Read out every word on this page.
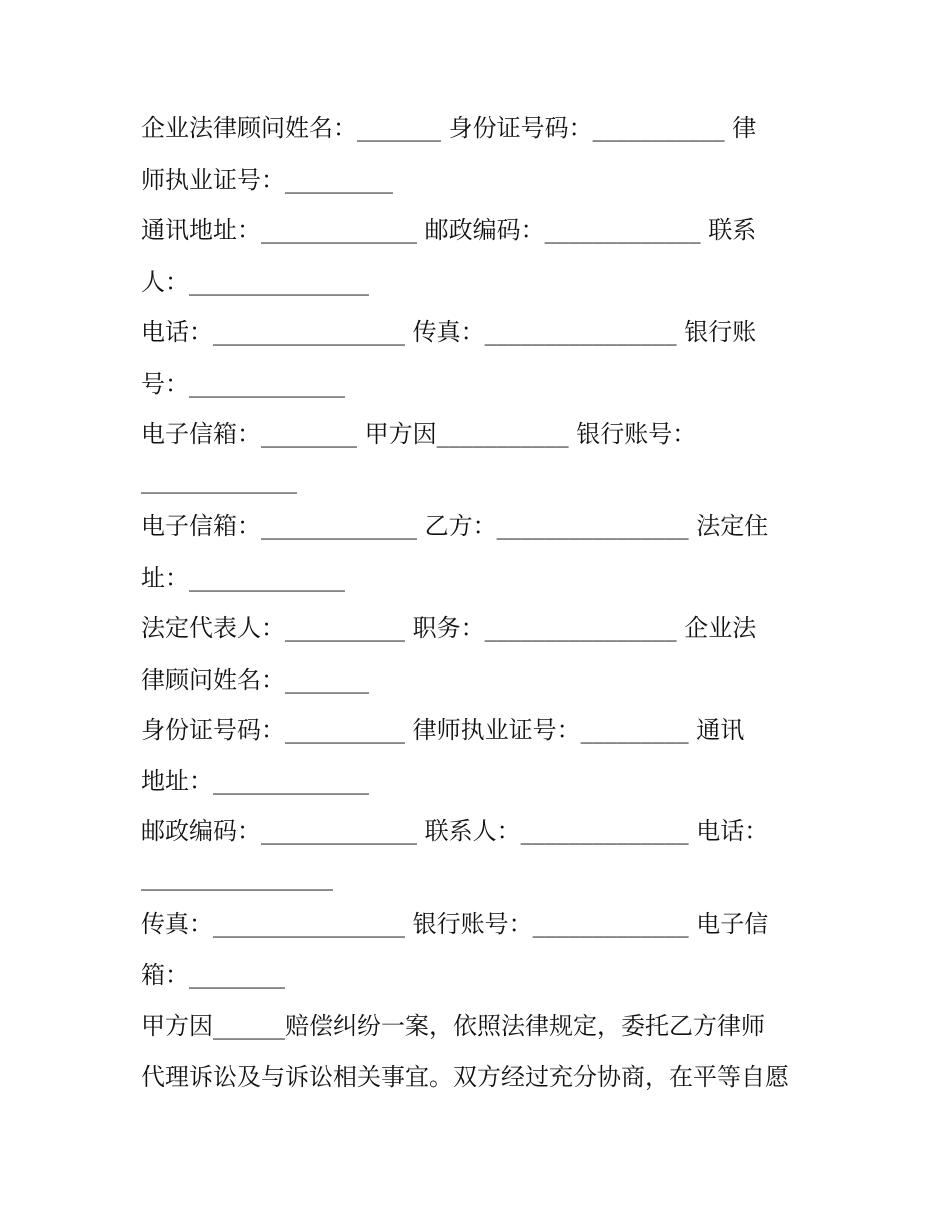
企业法律顾问姓名：_______ 身份证号码：___________ 律

师执业证号：_________

通讯地址：_____________ 邮政编码：_____________ 联系

人：_______________

电话：________________ 传真：________________ 银行账

号：_____________

电子信箱：________ 甲方因___________ 银行账号：

_____________

电子信箱：_____________ 乙方：________________ 法定住

址：_____________

法定代表人：__________ 职务：________________ 企业法

律顾问姓名：_______

身份证号码：__________ 律师执业证号：_________ 通讯

地址：_____________

邮政编码：_____________ 联系人：______________ 电话：

________________

传真：________________ 银行账号：_____________ 电子信

箱：________

甲方因______赔偿纠纷一案，依照法律规定，委托乙方律师

代理诉讼及与诉讼相关事宜。双方经过充分协商，在平等自愿
